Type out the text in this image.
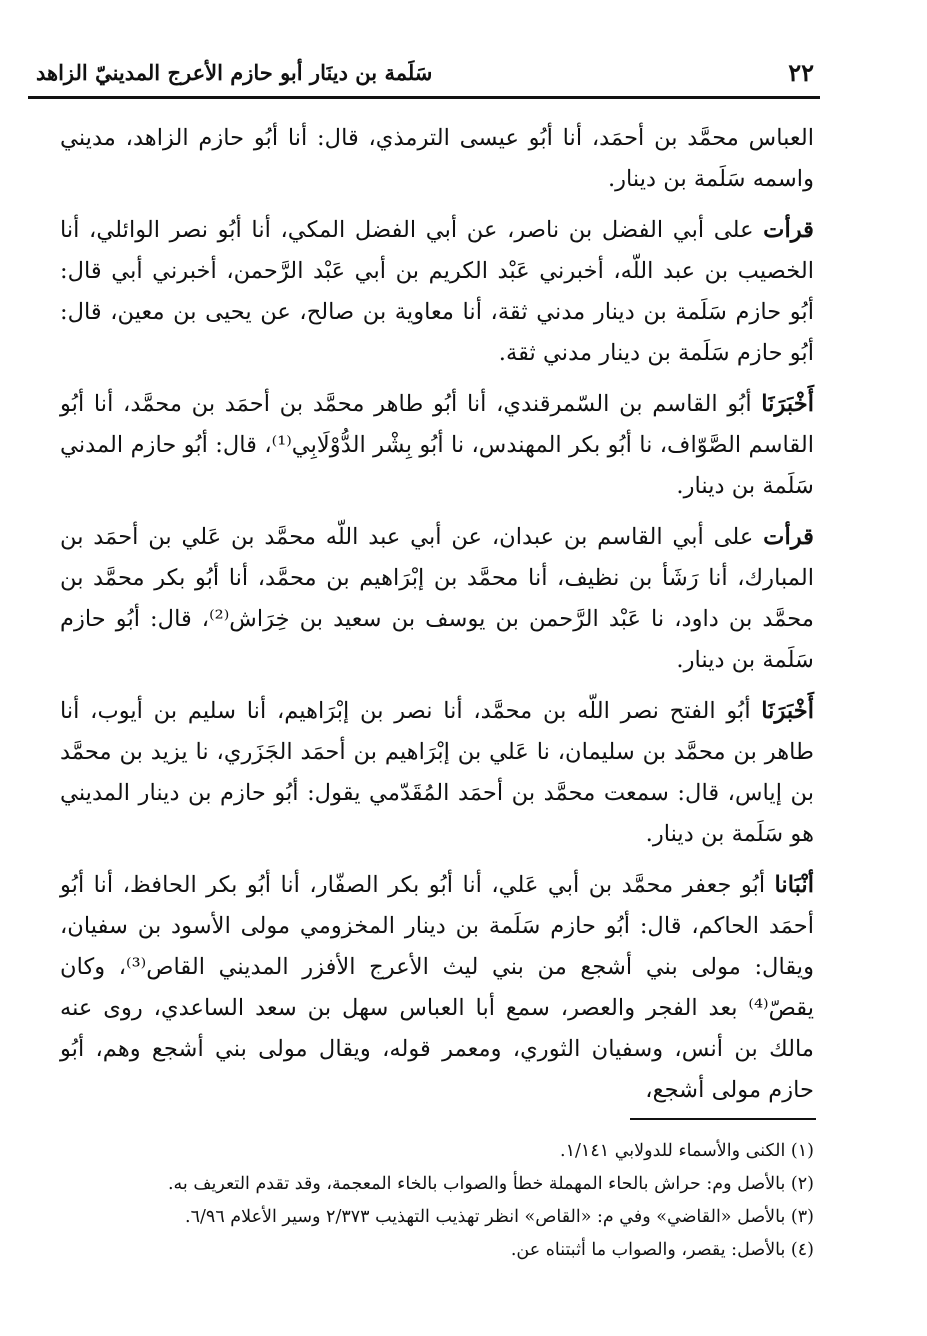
٢٢
سَلَمة بن دينَار أبو حازم الأعرج المدينيّ الزاهد

العباس محمَّد بن أحمَد، أنا أبُو عيسى الترمذي، قال: أنا أبُو حازم الزاهد، مديني واسمه سَلَمة بن دينار.

قرأت على أبي الفضل بن ناصر، عن أبي الفضل المكي، أنا أبُو نصر الوائلي، أنا الخصيب بن عبد اللّه، أخبرني عَبْد الكريم بن أبي عَبْد الرَّحمن، أخبرني أبي قال: أبُو حازم سَلَمة بن دينار مدني ثقة، أنا معاوية بن صالح، عن يحيى بن معين، قال: أبُو حازم سَلَمة بن دينار مدني ثقة.

أَخْبَرَنَا أبُو القاسم بن السّمرقندي، أنا أبُو طاهر محمَّد بن أحمَد بن محمَّد، أنا أبُو القاسم الصَّوّاف، نا أبُو بكر المهندس، نا أبُو بِشْر الدُّوْلَابِي⁽¹⁾، قال: أبُو حازم المدني سَلَمة بن دينار.

قرأت على أبي القاسم بن عبدان، عن أبي عبد اللّه محمَّد بن عَلي بن أحمَد بن المبارك، أنا رَشَأ بن نظيف، أنا محمَّد بن إبْرَاهيم بن محمَّد، أنا أبُو بكر محمَّد بن محمَّد بن داود، نا عَبْد الرَّحمن بن يوسف بن سعيد بن خِرَاش⁽²⁾، قال: أبُو حازم سَلَمة بن دينار.

أَخْبَرَنَا أبُو الفتح نصر اللّه بن محمَّد، أنا نصر بن إبْرَاهيم، أنا سليم بن أيوب، أنا طاهر بن محمَّد بن سليمان، نا عَلي بن إبْرَاهيم بن أحمَد الجَزَري، نا يزيد بن محمَّد بن إياس، قال: سمعت محمَّد بن أحمَد المُقَدّمي يقول: أبُو حازم بن دينار المديني هو سَلَمة بن دينار.

أنْبَانا أبُو جعفر محمَّد بن أبي عَلي، أنا أبُو بكر الصفّار، أنا أبُو بكر الحافظ، أنا أبُو أحمَد الحاكم، قال: أبُو حازم سَلَمة بن دينار المخزومي مولى الأسود بن سفيان، ويقال: مولى بني أشجع من بني ليث الأعرج الأفزر المديني القاص⁽³⁾، وكان يقصّ⁽⁴⁾ بعد الفجر والعصر، سمع أبا العباس سهل بن سعد الساعدي، روى عنه مالك بن أنس، وسفيان الثوري، ومعمر قوله، ويقال مولى بني أشجع وهم، أبُو حازم مولى أشجع،

(١) الكنى والأسماء للدولابي ١/١٤١.

(٢) بالأصل وم: حراش بالحاء المهملة خطأ والصواب بالخاء المعجمة، وقد تقدم التعريف به.

(٣) بالأصل «القاضي» وفي م: «القاص» انظر تهذيب التهذيب ٢/٣٧٣ وسير الأعلام ٦/٩٦.

(٤) بالأصل: يقصر، والصواب ما أثبتناه عن.
